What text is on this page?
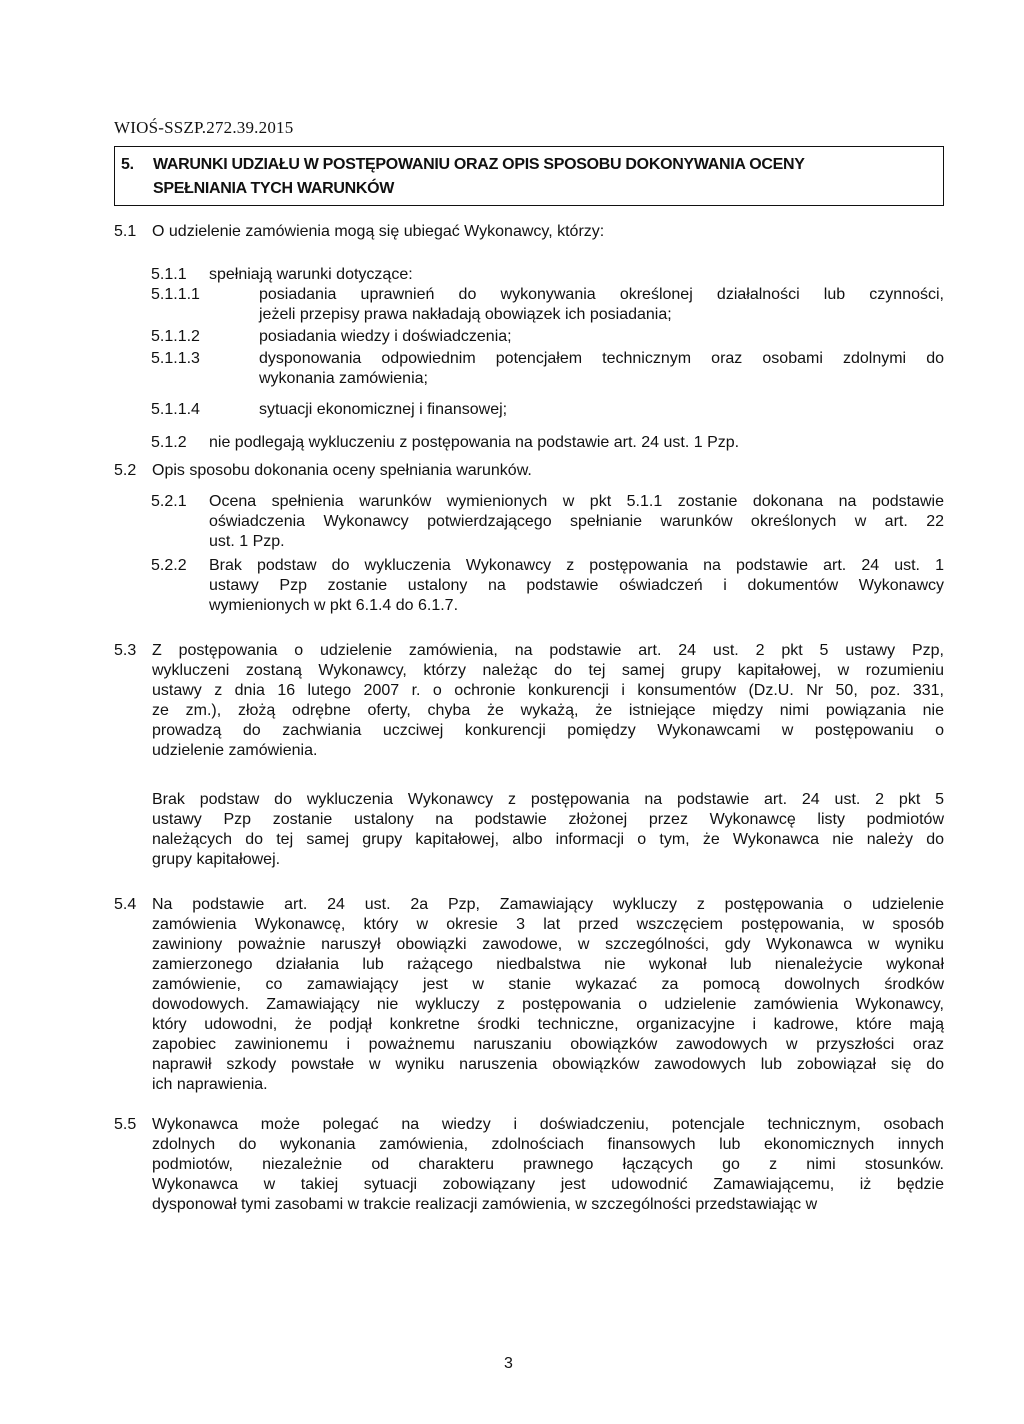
WIOŚ-SSZP.272.39.2015
5. WARUNKI UDZIAŁU W POSTĘPOWANIU ORAZ OPIS SPOSOBU DOKONYWANIA OCENY
SPEŁNIANIA TYCH WARUNKÓW
5.1 O udzielenie zamówienia mogą się ubiegać Wykonawcy, którzy:
5.1.1 spełniają warunki dotyczące:
5.1.1.1	posiadania uprawnień do wykonywania określonej działalności lub czynności,
jeżeli przepisy prawa nakładają obowiązek ich posiadania;
5.1.1.2	posiadania wiedzy i doświadczenia;
5.1.1.3	dysponowania odpowiednim potencjałem technicznym oraz osobami zdolnymi do
wykonania zamówienia;
5.1.1.4	sytuacji ekonomicznej i finansowej;
5.1.2 nie podlegają wykluczeniu z postępowania na podstawie art. 24 ust. 1 Pzp.
5.2 Opis sposobu dokonania oceny spełniania warunków.
5.2.1 Ocena spełnienia warunków wymienionych w pkt 5.1.1 zostanie dokonana na podstawie
oświadczenia Wykonawcy potwierdzającego spełnianie warunków określonych w art. 22
ust. 1 Pzp.
5.2.2 Brak podstaw do wykluczenia Wykonawcy z postępowania na podstawie art. 24 ust. 1
ustawy Pzp zostanie ustalony na podstawie oświadczeń i dokumentów Wykonawcy
wymienionych w pkt 6.1.4 do 6.1.7.
5.3 Z postępowania o udzielenie zamówienia, na podstawie art. 24 ust. 2 pkt 5 ustawy Pzp,
wykluczeni zostaną Wykonawcy, którzy należąc do tej samej grupy kapitałowej, w rozumieniu
ustawy z dnia 16 lutego 2007 r. o ochronie konkurencji i konsumentów (Dz.U. Nr 50, poz. 331,
ze zm.), złożą odrębne oferty, chyba że wykażą, że istniejące między nimi powiązania nie
prowadzą do zachwiania uczciwej konkurencji pomiędzy Wykonawcami w postępowaniu o
udzielenie zamówienia.
Brak podstaw do wykluczenia Wykonawcy z postępowania na podstawie art. 24 ust. 2 pkt 5
ustawy Pzp zostanie ustalony na podstawie złożonej przez Wykonawcę listy podmiotów
należących do tej samej grupy kapitałowej, albo informacji o tym, że Wykonawca nie należy do
grupy kapitałowej.
5.4 Na podstawie art. 24 ust. 2a Pzp, Zamawiający wykluczy z postępowania o udzielenie
zamówienia Wykonawcę, który w okresie 3 lat przed wszczęciem postępowania, w sposób
zawiniony poważnie naruszył obowiązki zawodowe, w szczególności, gdy Wykonawca w wyniku
zamierzonego działania lub rażącego niedbalstwa nie wykonał lub nienależycie wykonał
zamówienie, co zamawiający jest w stanie wykazać za pomocą dowolnych środków
dowodowych. Zamawiający nie wykluczy z postępowania o udzielenie zamówienia Wykonawcy,
który udowodni, że podjął konkretne środki techniczne, organizacyjne i kadrowe, które mają
zapobiec zawinionemu i poważnemu naruszaniu obowiązków zawodowych w przyszłości oraz
naprawił szkody powstałe w wyniku naruszenia obowiązków zawodowych lub zobowiązał się do
ich naprawienia.
5.5 Wykonawca może polegać na wiedzy i doświadczeniu, potencjale technicznym, osobach
zdolnych do wykonania zamówienia, zdolnościach finansowych lub ekonomicznych innych
podmiotów, niezależnie od charakteru prawnego łączących go z nimi stosunków.
Wykonawca w takiej sytuacji zobowiązany jest udowodnić Zamawiającemu, iż będzie
dysponował tymi zasobami w trakcie realizacji zamówienia, w szczególności przedstawiając w
3
